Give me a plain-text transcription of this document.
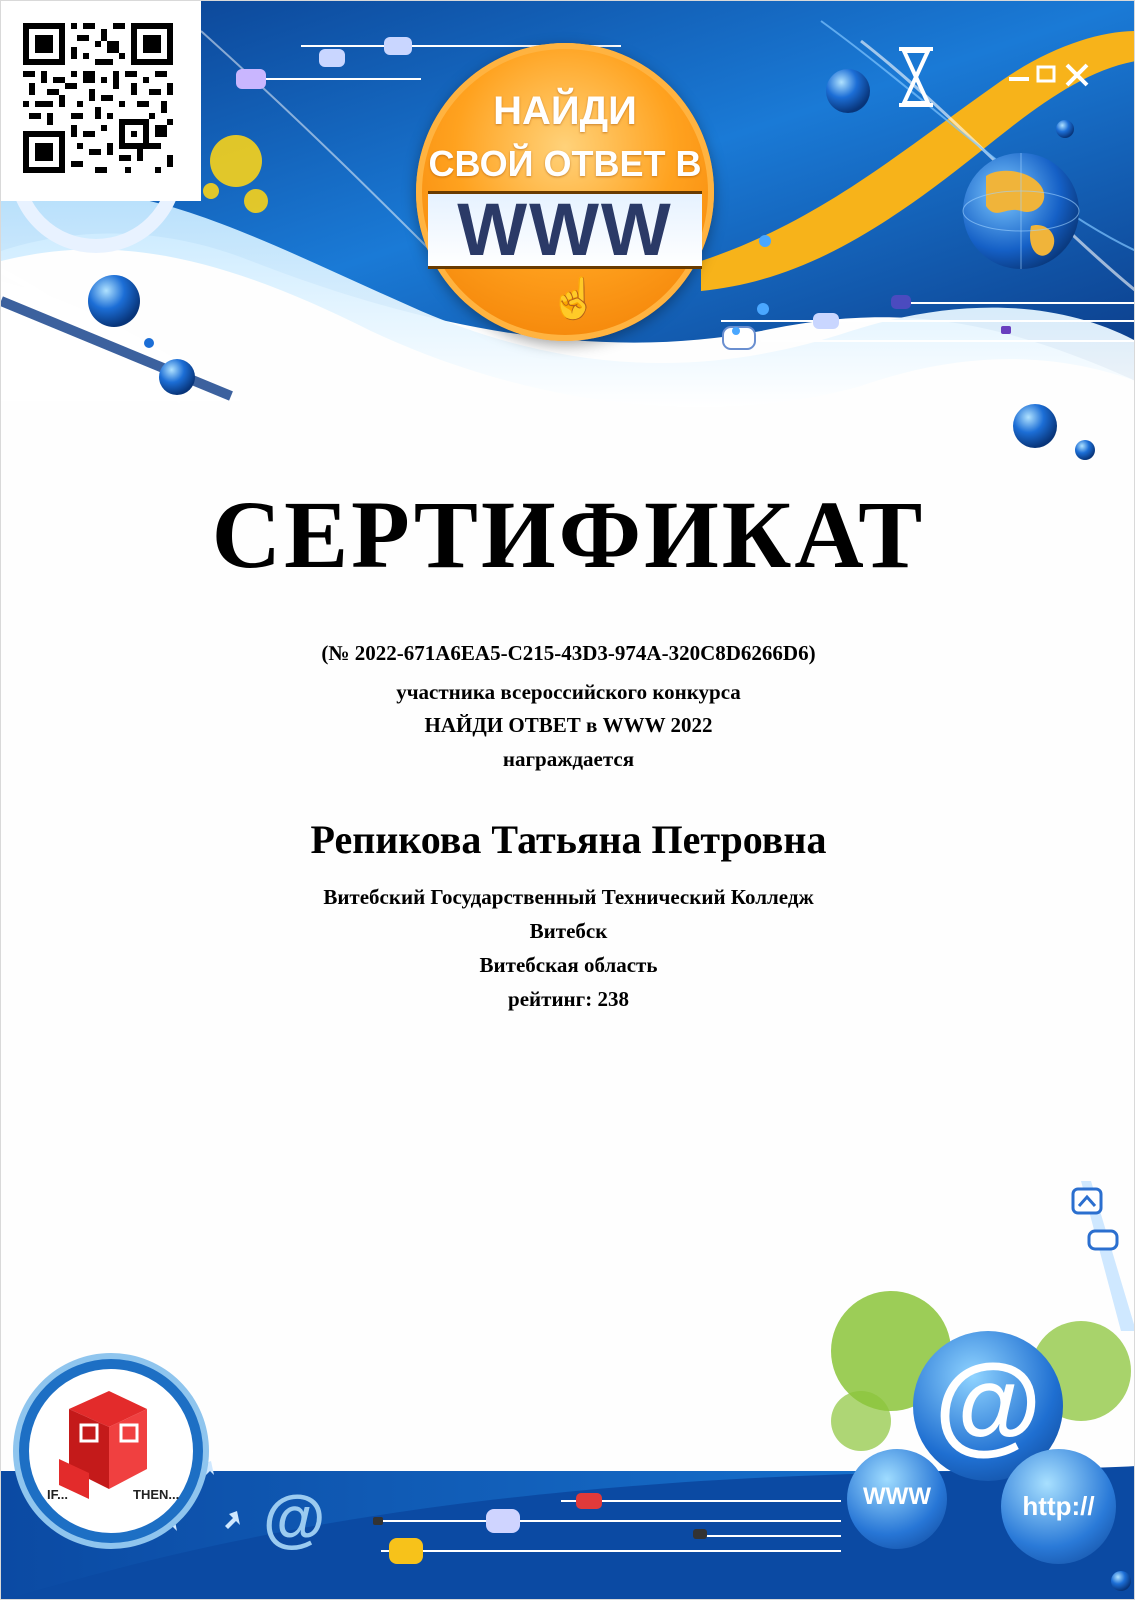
НАЙДИ
СВОЙ ОТВЕТ В
WWW
☝
СЕРТИФИКАТ
(№ 2022-671A6EA5-C215-43D3-974A-320C8D6266D6)
участника всероссийского конкурса
НАЙДИ ОТВЕТ в WWW 2022
награждается
Репикова Татьяна Петровна
Витебский Государственный Технический Колледж
Витебск
Витебская область
рейтинг: 238
IF...	THEN... @
@
WWW	http://
